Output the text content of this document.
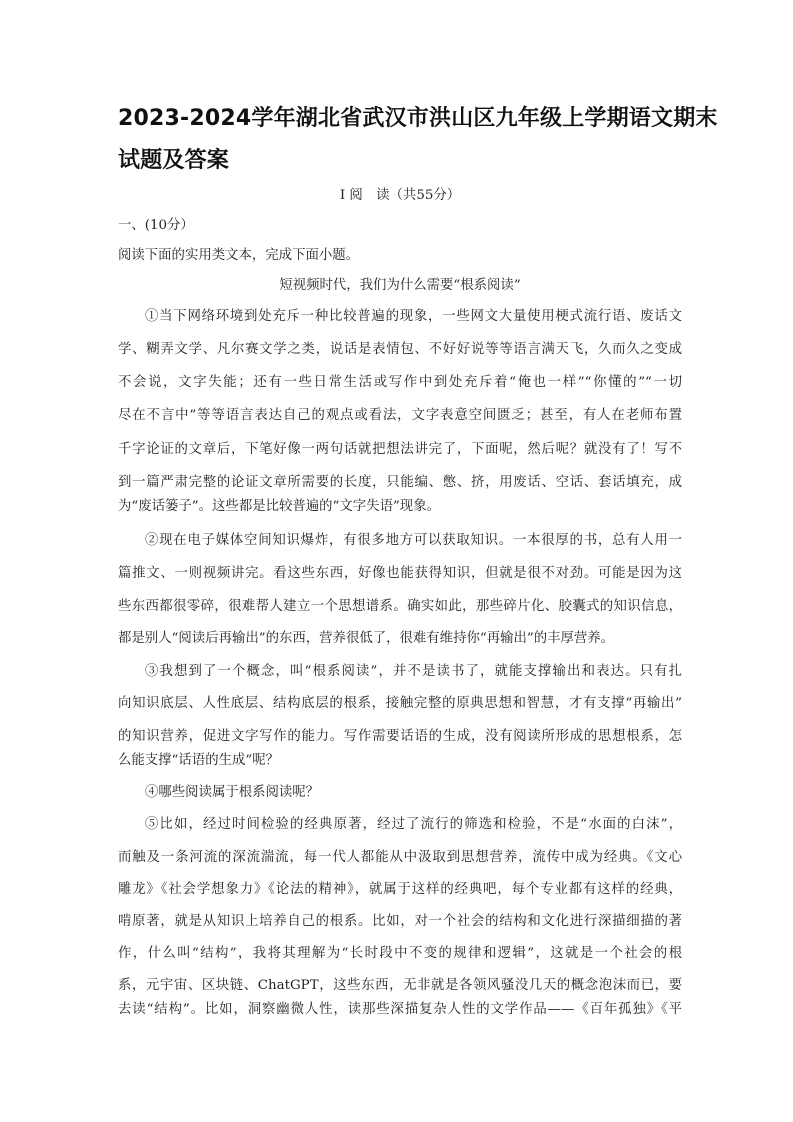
2023-2024学年湖北省武汉市洪山区九年级上学期语文期末
试题及答案
Ⅰ 阅　读（共55分）
一、(10分）
阅读下面的实用类文本，完成下面小题。
短视频时代，我们为什么需要“根系阅读”
①当下网络环境到处充斥一种比较普遍的现象，一些网文大量使用梗式流行语、废话文
学、糊弄文学、凡尔赛文学之类，说话是表情包、不好好说等等语言满天飞，久而久之变成
不会说，文字失能；还有一些日常生活或写作中到处充斥着“俺也一样”“你懂的”“一切
尽在不言中”等等语言表达自己的观点或看法，文字表意空间匮乏；甚至，有人在老师布置
千字论证的文章后，下笔好像一两句话就把想法讲完了，下面呢，然后呢？就没有了！写不
到一篇严肃完整的论证文章所需要的长度，只能编、憋、挤，用废话、空话、套话填充，成
为“废话篓子”。这些都是比较普遍的“文字失语”现象。
②现在电子媒体空间知识爆炸，有很多地方可以获取知识。一本很厚的书，总有人用一
篇推文、一则视频讲完。看这些东西，好像也能获得知识，但就是很不对劲。可能是因为这
些东西都很零碎，很难帮人建立一个思想谱系。确实如此，那些碎片化、胶囊式的知识信息，
都是别人“阅读后再输出”的东西，营养很低了，很难有维持你“再输出”的丰厚营养。
③我想到了一个概念，叫“根系阅读”，并不是读书了，就能支撑输出和表达。只有扎
向知识底层、人性底层、结构底层的根系，接触完整的原典思想和智慧，才有支撑“再输出”
的知识营养，促进文字写作的能力。写作需要话语的生成，没有阅读所形成的思想根系，怎
么能支撑“话语的生成”呢？
④哪些阅读属于根系阅读呢？
⑤比如，经过时间检验的经典原著，经过了流行的筛选和检验，不是“水面的白沫”，
而触及一条河流的深流湍流，每一代人都能从中汲取到思想营养，流传中成为经典。《文心
雕龙》《社会学想象力》《论法的精神》，就属于这样的经典吧，每个专业都有这样的经典，
啃原著，就是从知识上培养自己的根系。比如，对一个社会的结构和文化进行深描细描的著
作，什么叫“结构”，我将其理解为“长时段中不变的规律和逻辑”，这就是一个社会的根
系，元宇宙、区块链、ChatGPT，这些东西，无非就是各领风骚没几天的概念泡沫而已，要
去读“结构”。比如，洞察幽微人性，读那些深描复杂人性的文学作品——《百年孤独》《平
